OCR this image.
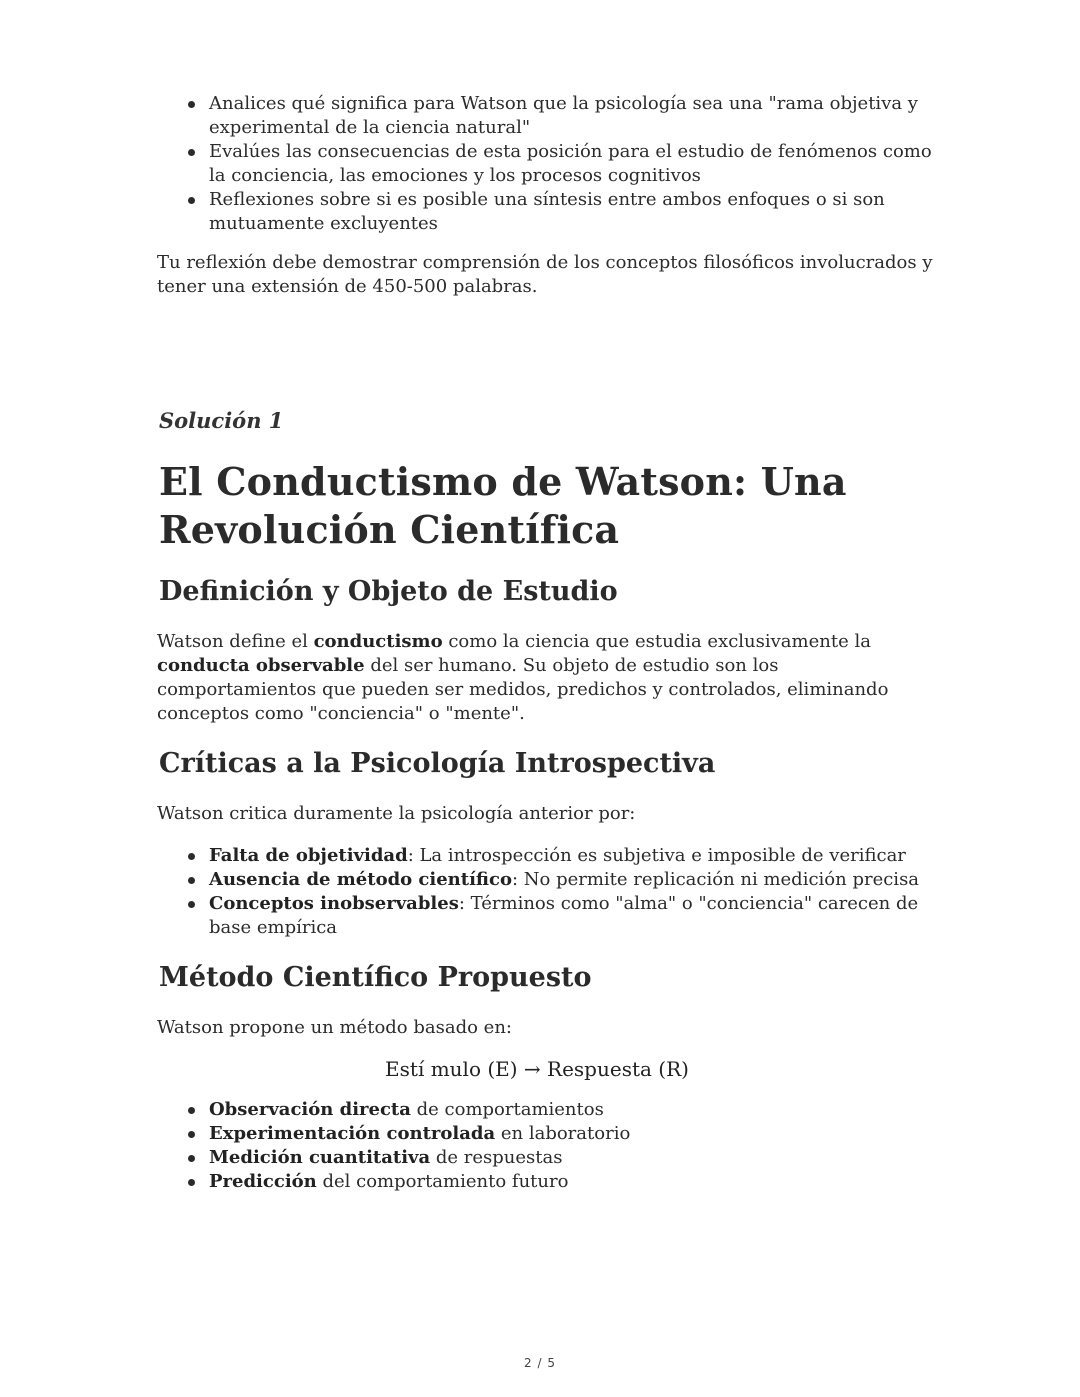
Analices qué significa para Watson que la psicología sea una "rama objetiva y experimental de la ciencia natural"
Evalúes las consecuencias de esta posición para el estudio de fenómenos como la conciencia, las emociones y los procesos cognitivos
Reflexiones sobre si es posible una síntesis entre ambos enfoques o si son mutuamente excluyentes

Tu reflexión debe demostrar comprensión de los conceptos filosóficos involucrados y tener una extensión de 450-500 palabras.

Solución 1
El Conductismo de Watson: Una Revolución Científica
Definición y Objeto de Estudio

Watson define el conductismo como la ciencia que estudia exclusivamente la conducta observable del ser humano. Su objeto de estudio son los comportamientos que pueden ser medidos, predichos y controlados, eliminando conceptos como "conciencia" o "mente".

Críticas a la Psicología Introspectiva

Watson critica duramente la psicología anterior por:

Falta de objetividad: La introspección es subjetiva e imposible de verificar
Ausencia de método científico: No permite replicación ni medición precisa
Conceptos inobservables: Términos como "alma" o "conciencia" carecen de base empírica
Método Científico Propuesto

Watson propone un método basado en:

Estí mulo (E) → Respuesta (R)
Observación directa de comportamientos
Experimentación controlada en laboratorio
Medición cuantitativa de respuestas
Predicción del comportamiento futuro
2 / 5
